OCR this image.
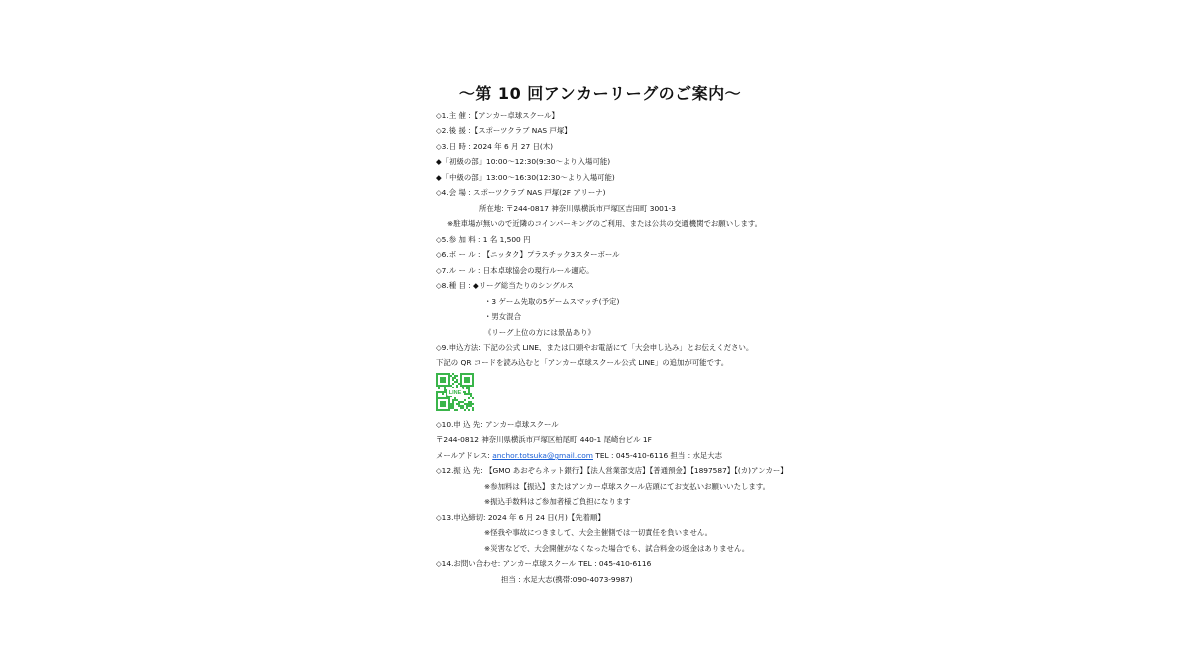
～第 10 回アンカーリーグのご案内～
◇1.主 催 :【アンカー卓球スクール】
◇2.後 援 :【スポーツクラブ NAS 戸塚】
◇3.日 時 : 2024 年 6 月 27 日(木)
◆「初級の部」10:00～12:30(9:30～より入場可能)
◆「中級の部」13:00～16:30(12:30～より入場可能)
◇4.会 場 : スポーツクラブ NAS 戸塚(2F アリーナ)
所在地: 〒244-0817 神奈川県横浜市戸塚区吉田町 3001-3
※駐車場が無いので近隣のコインパーキングのご利用、または公共の交通機関でお願いします。
◇5.参 加 料 : 1 名 1,500 円
◇6.ボ ー ル : 【ニッタク】プラスチック3スターボール
◇7.ル ー ル : 日本卓球協会の現行ルール適応。
◇8.種 目 : ◆リーグ総当たりのシングルス
・3 ゲーム先取の5ゲームスマッチ(予定)
・男女混合
《リーグ上位の方には景品あり》
◇9.申込方法: 下記の公式 LINE、または口頭やお電話にて「大会申し込み」とお伝えください。
下記の QR コードを読み込むと「アンカー卓球スクール公式 LINE」の追加が可能です。
LINE
◇10.申 込 先: アンカー卓球スクール
〒244-0812 神奈川県横浜市戸塚区柏尾町 440-1 尾崎台ビル 1F
メールアドレス: anchor.totsuka@gmail.com TEL : 045-410-6116 担当 : 水足大志
◇12.振 込 先: 【GMO あおぞらネット銀行】【法人営業部支店】【普通預金】【1897587】【(カ)アンカー】
※参加料は【振込】またはアンカー卓球スクール店頭にてお支払いお願いいたします。
※振込手数料はご参加者様ご負担になります
◇13.申込締切: 2024 年 6 月 24 日(月)【先着順】
※怪我や事故につきまして、大会主催側では一切責任を負いません。
※災害などで、大会開催がなくなった場合でも、試合料金の返金はありません。
◇14.お問い合わせ: アンカー卓球スクール TEL : 045-410-6116
担当 : 水足大志(携帯:090-4073-9987)
